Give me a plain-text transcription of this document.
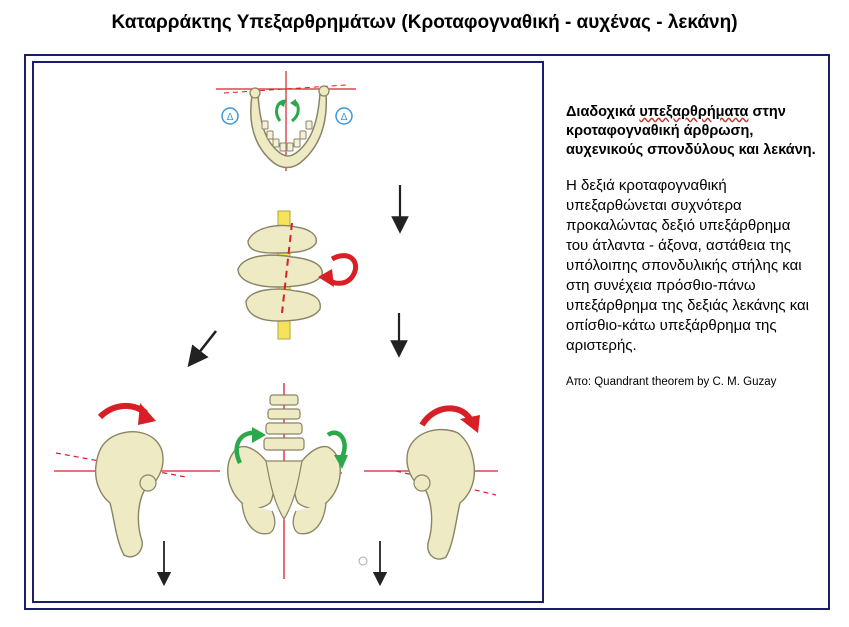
Καταρράκτης Υπεξαρθρημάτων (Κροταφογναθική - αυχένας - λεκάνη)
Δ	Δ	Διαδοχικά υπεξαρθρήματα στην κροταφογναθική άρθρωση, αυχενικούς σπονδύλους και λεκάνη.

Η δεξιά κροταφογναθική υπεξαρθώνεται συχνότερα προκαλώντας δεξιό υπεξάρθρημα του άτλαντα - άξονα, αστάθεια της υπόλοιπης σπονδυλικής στήλης και στη συνέχεια πρόσθιο-πάνω υπεξάρθρημα της δεξιάς λεκάνης και οπίσθιο-κάτω υπεξάρθρημα της αριστερής.

Απο: Quandrant theorem by C. M. Guzay
